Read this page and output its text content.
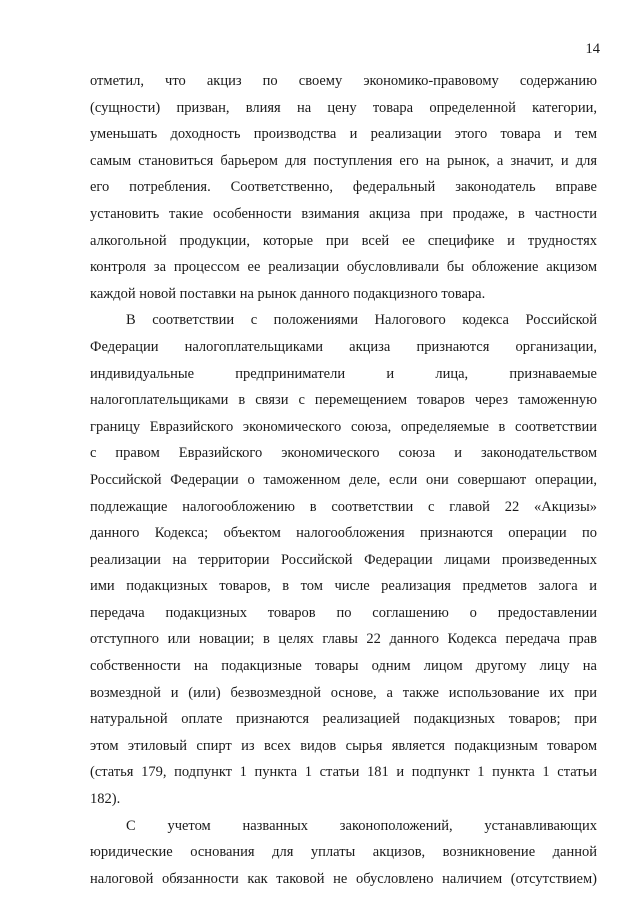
14
отметил, что акциз по своему экономико-правовому содержанию
(сущности) призван, влияя на цену товара определенной категории,
уменьшать доходность производства и реализации этого товара и тем
самым становиться барьером для поступления его на рынок, а значит, и для
его потребления. Соответственно, федеральный законодатель вправе
установить такие особенности взимания акциза при продаже, в частности
алкогольной продукции, которые при всей ее специфике и трудностях
контроля за процессом ее реализации обусловливали бы обложение акцизом
каждой новой поставки на рынок данного подакцизного товара.
В соответствии с положениями Налогового кодекса Российской
Федерации налогоплательщиками акциза признаются организации,
индивидуальные предприниматели и лица, признаваемые
налогоплательщиками в связи с перемещением товаров через таможенную
границу Евразийского экономического союза, определяемые в соответствии
с правом Евразийского экономического союза и законодательством
Российской Федерации о таможенном деле, если они совершают операции,
подлежащие налогообложению в соответствии с главой 22 «Акцизы»
данного Кодекса; объектом налогообложения признаются операции по
реализации на территории Российской Федерации лицами произведенных
ими подакцизных товаров, в том числе реализация предметов залога и
передача подакцизных товаров по соглашению о предоставлении
отступного или новации; в целях главы 22 данного Кодекса передача прав
собственности на подакцизные товары одним лицом другому лицу на
возмездной и (или) безвозмездной основе, а также использование их при
натуральной оплате признаются реализацией подакцизных товаров; при
этом этиловый спирт из всех видов сырья является подакцизным товаром
(статья 179, подпункт 1 пункта 1 статьи 181 и подпункт 1 пункта 1 статьи
182).
С учетом названных законоположений, устанавливающих
юридические основания для уплаты акцизов, возникновение данной
налоговой обязанности как таковой не обусловлено наличием (отсутствием)
